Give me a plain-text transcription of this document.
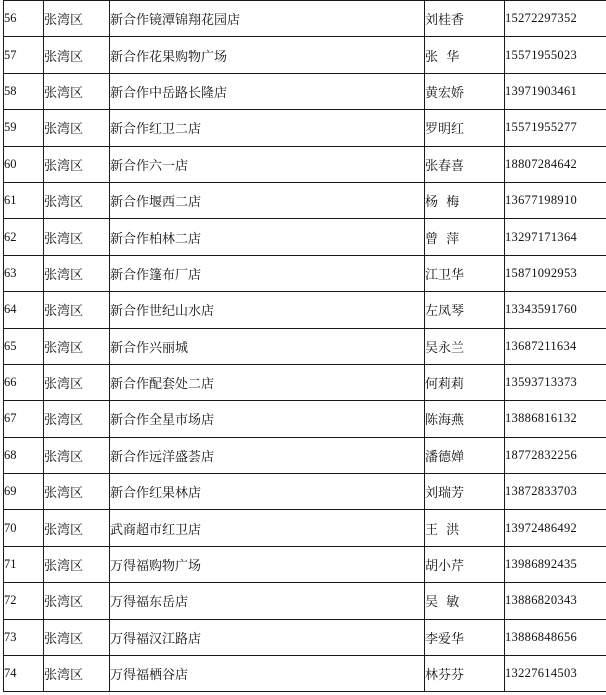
56	张湾区	新合作镜潭锦翔花园店	刘桂香	15272297352
57	张湾区	新合作花果购物广场	张  华	15571955023
58	张湾区	新合作中岳路长隆店	黄宏娇	13971903461
59	张湾区	新合作红卫二店	罗明红	15571955277
60	张湾区	新合作六一店	张春喜	18807284642
61	张湾区	新合作堰西二店	杨  梅	13677198910
62	张湾区	新合作柏林二店	曾  萍	13297171364
63	张湾区	新合作篷布厂店	江卫华	15871092953
64	张湾区	新合作世纪山水店	左凤琴	13343591760
65	张湾区	新合作兴丽城	吴永兰	13687211634
66	张湾区	新合作配套处二店	何莉莉	13593713373
67	张湾区	新合作全星市场店	陈海燕	13886816132
68	张湾区	新合作远洋盛荟店	潘德婵	18772832256
69	张湾区	新合作红果林店	刘瑞芳	13872833703
70	张湾区	武商超市红卫店	王  洪	13972486492
71	张湾区	万得福购物广场	胡小芹	13986892435
72	张湾区	万得福东岳店	吴  敏	13886820343
73	张湾区	万得福汉江路店	李爱华	13886848656
74	张湾区	万得福栖谷店	林芬芬	13227614503
